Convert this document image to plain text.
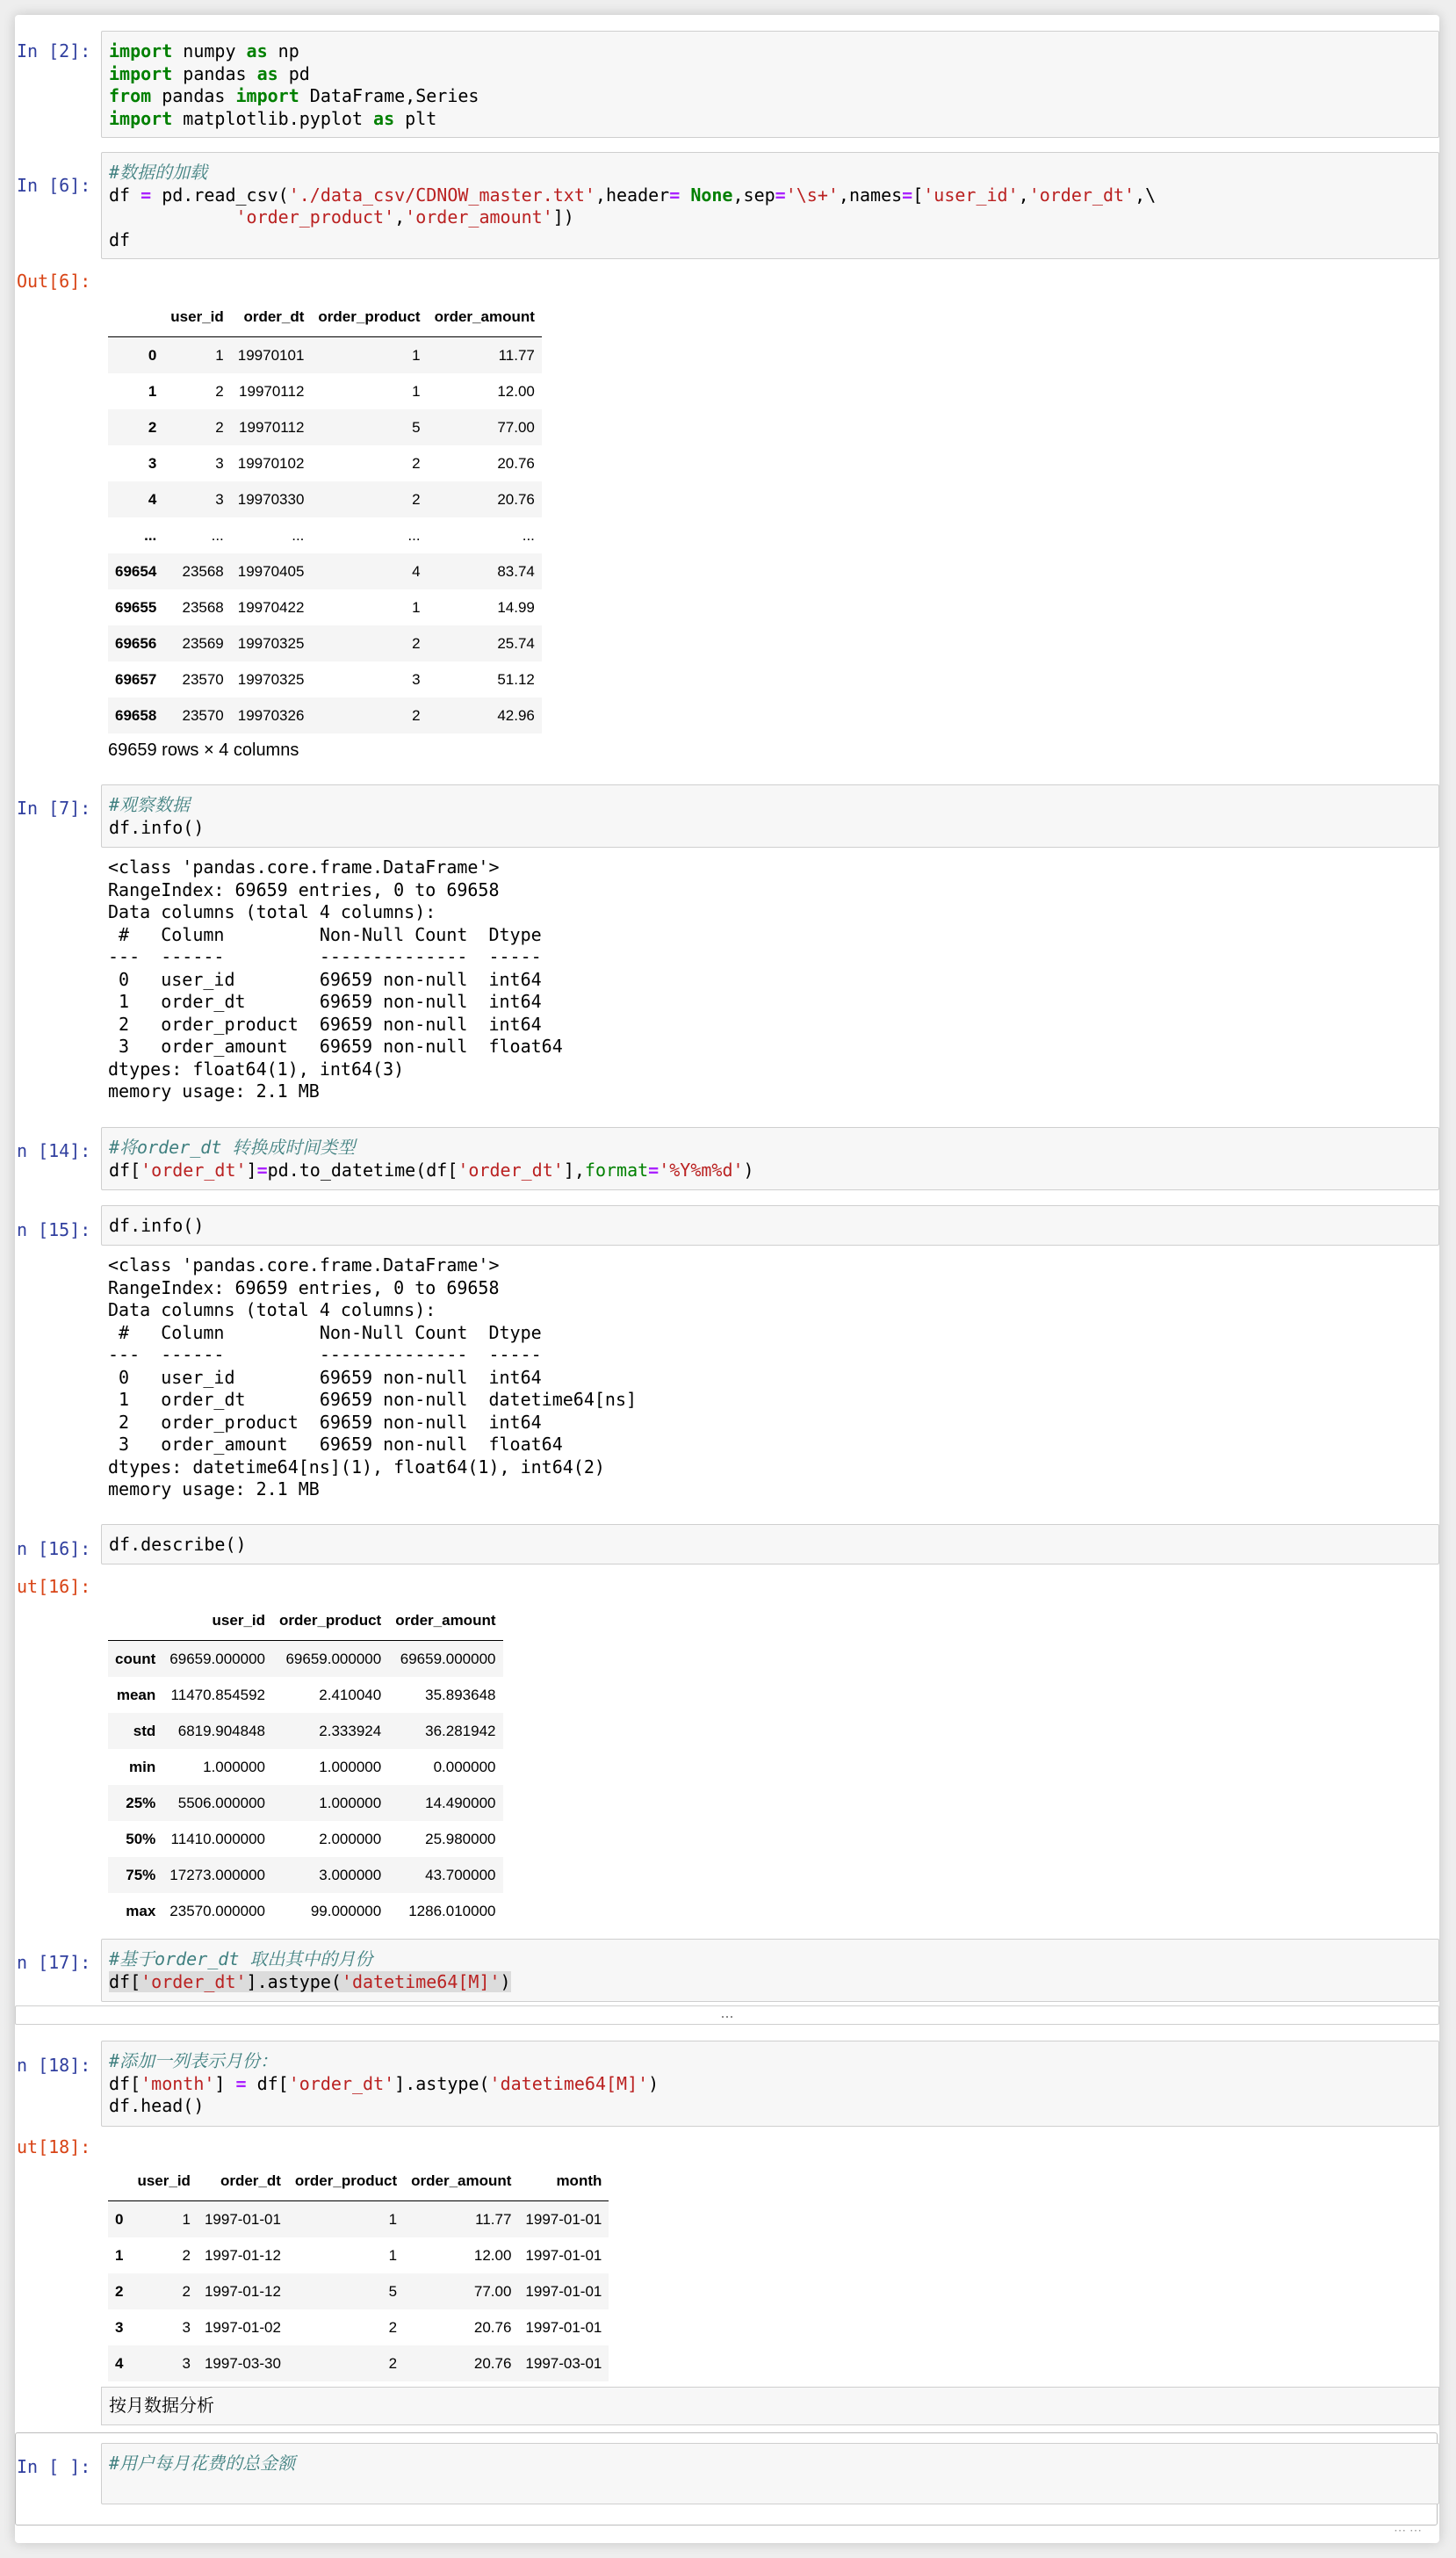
In [2]:	import numpy as np
import pandas as pd
from pandas import DataFrame,Series
import matplotlib.pyplot as plt
In [6]:
#数据的加载
df = pd.read_csv('./data_csv/CDNOW_master.txt',header= None,sep='\s+',names=['user_id','order_dt',\
'order_product','order_amount'])
df
Out[6]:
	user_id	order_dt	order_product	order_amount
0	1	19970101	1	11.77
1	2	19970112	1	12.00
2	2	19970112	5	77.00
3	3	19970102	2	20.76
4	3	19970330	2	20.76
...	...	...	...	...
69654	23568	19970405	4	83.74
69655	23568	19970422	1	14.99
69656	23569	19970325	2	25.74
69657	23570	19970325	3	51.12
69658	23570	19970326	2	42.96
69659 rows × 4 columns
In [7]:	#观察数据
df.info()
<class 'pandas.core.frame.DataFrame'>
RangeIndex: 69659 entries, 0 to 69658
Data columns (total 4 columns):
#   Column         Non-Null Count  Dtype
---  ------         --------------  -----
0   user_id        69659 non-null  int64
1   order_dt       69659 non-null  int64
2   order_product  69659 non-null  int64
3   order_amount   69659 non-null  float64
dtypes: float64(1), int64(3)
memory usage: 2.1 MB
n [14]:	#将order_dt 转换成时间类型
df['order_dt']=pd.to_datetime(df['order_dt'],format='%Y%m%d')
n [15]:	df.info()
<class 'pandas.core.frame.DataFrame'>
RangeIndex: 69659 entries, 0 to 69658
Data columns (total 4 columns):
#   Column         Non-Null Count  Dtype
---  ------         --------------  -----
0   user_id        69659 non-null  int64
1   order_dt       69659 non-null  datetime64[ns]
2   order_product  69659 non-null  int64
3   order_amount   69659 non-null  float64
dtypes: datetime64[ns](1), float64(1), int64(2)
memory usage: 2.1 MB
n [16]:	df.describe()
ut[16]:
	user_id	order_product	order_amount
count	69659.000000	69659.000000	69659.000000
mean	11470.854592	2.410040	35.893648
std	6819.904848	2.333924	36.281942
min	1.000000	1.000000	0.000000
25%	5506.000000	1.000000	14.490000
50%	11410.000000	2.000000	25.980000
75%	17273.000000	3.000000	43.700000
max	23570.000000	99.000000	1286.010000
n [17]:	#基于order_dt 取出其中的月份
df['order_dt'].astype('datetime64[M]')
...
n [18]:	#添加一列表示月份：
df['month'] = df['order_dt'].astype('datetime64[M]')
df.head()
ut[18]:
	user_id	order_dt	order_product	order_amount	month
0	1	1997-01-01	1	11.77	1997-01-01
1	2	1997-01-12	1	12.00	1997-01-01
2	2	1997-01-12	5	77.00	1997-01-01
3	3	1997-01-02	2	20.76	1997-01-01
4	3	1997-03-30	2	20.76	1997-03-01
按月数据分析
In [ ]:	#用户每月花费的总金额
⋯ ⋯
